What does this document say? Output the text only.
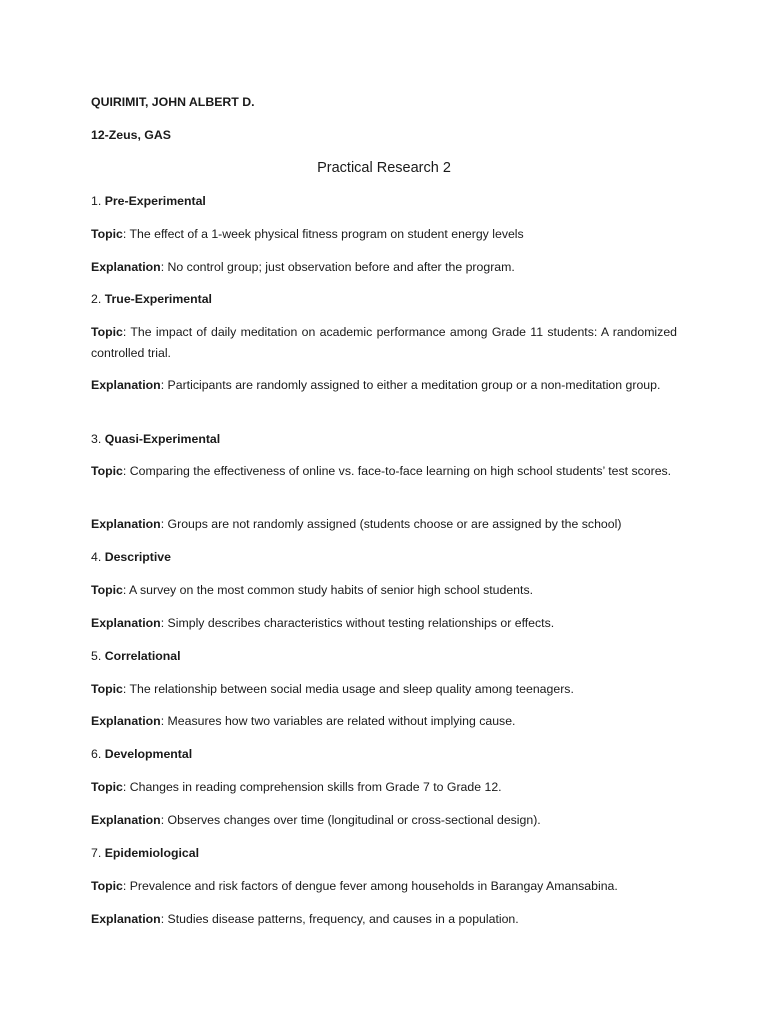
QUIRIMIT, JOHN ALBERT D.

12-Zeus, GAS

Practical Research 2

1. Pre-Experimental

Topic: The effect of a 1-week physical fitness program on student energy levels

Explanation: No control group; just observation before and after the program.

2. True-Experimental

Topic: The impact of daily meditation on academic performance among Grade 11 students: A randomized controlled trial.

Explanation: Participants are randomly assigned to either a meditation group or a non-meditation group.

3. Quasi-Experimental

Topic: Comparing the effectiveness of online vs. face-to-face learning on high school students’ test scores.

Explanation: Groups are not randomly assigned (students choose or are assigned by the school)

4. Descriptive

Topic: A survey on the most common study habits of senior high school students.

Explanation: Simply describes characteristics without testing relationships or effects.

5. Correlational

Topic: The relationship between social media usage and sleep quality among teenagers.

Explanation: Measures how two variables are related without implying cause.

6. Developmental

Topic: Changes in reading comprehension skills from Grade 7 to Grade 12.

Explanation: Observes changes over time (longitudinal or cross-sectional design).

7. Epidemiological

Topic: Prevalence and risk factors of dengue fever among households in Barangay Amansabina.

Explanation: Studies disease patterns, frequency, and causes in a population.
